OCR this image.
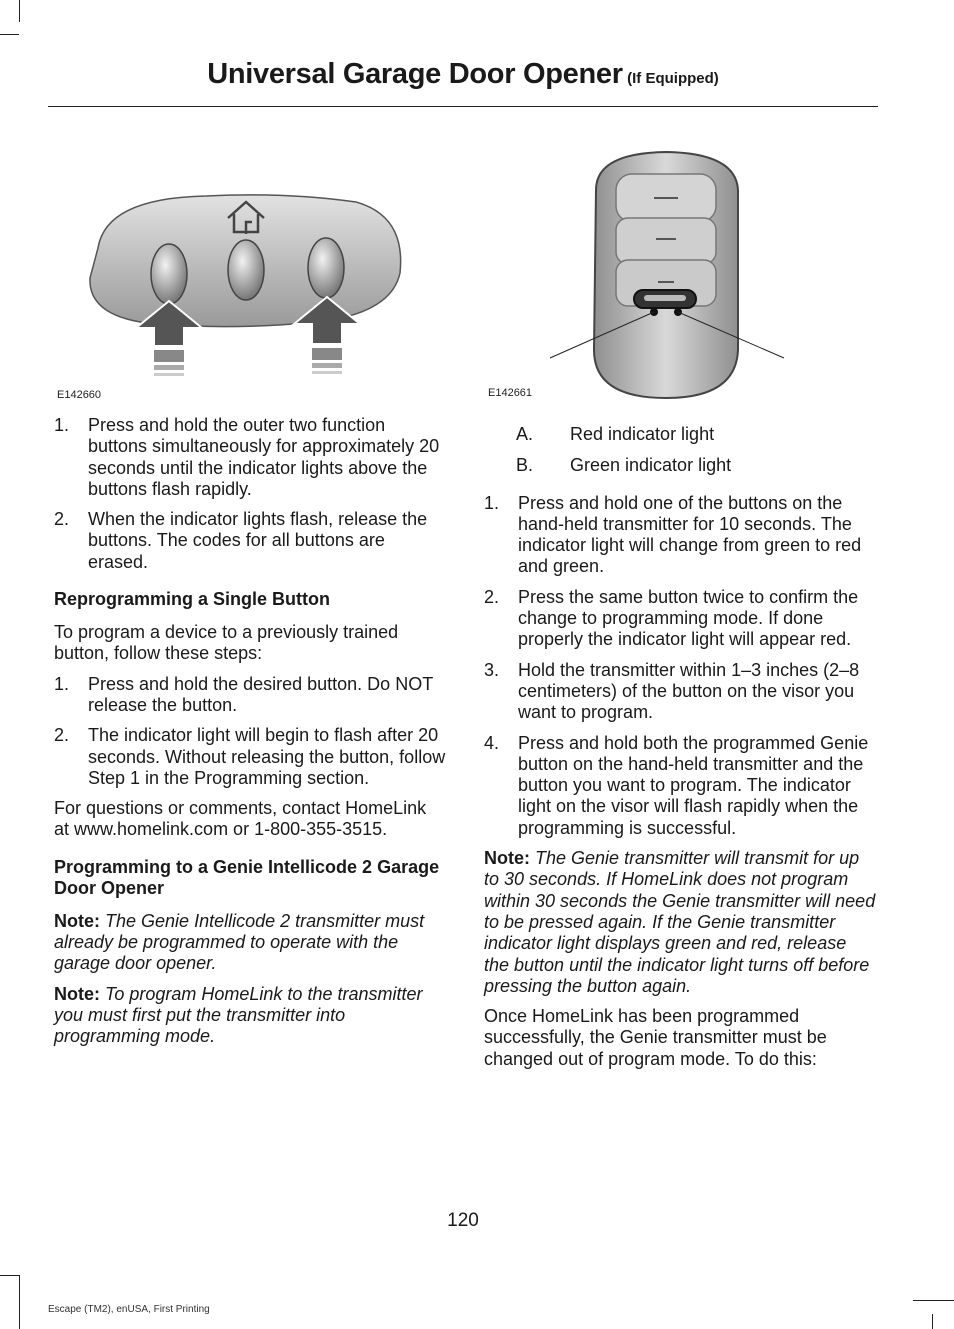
Universal Garage Door Opener (If Equipped)
E142660	E142661
1.	Press and hold the outer two function buttons simultaneously for approximately 20 seconds until the indicator lights above the buttons flash rapidly.
2.	When the indicator lights flash, release the buttons. The codes for all buttons are erased.
Reprogramming a Single Button

To program a device to a previously trained button, follow these steps:

1.	Press and hold the desired button. Do NOT release the button.
2.	The indicator light will begin to flash after 20 seconds. Without releasing the button, follow Step 1 in the Programming section.

For questions or comments, contact HomeLink at www.homelink.com or 1-800-355-3515.

Programming to a Genie Intellicode 2 Garage Door Opener

Note: The Genie Intellicode 2 transmitter must already be programmed to operate with the garage door opener.

Note: To program HomeLink to the transmitter you must first put the transmitter into programming mode.

A.	Red indicator light
B.	Green indicator light
1.	Press and hold one of the buttons on the hand-held transmitter for 10 seconds. The indicator light will change from green to red and green.
2.	Press the same button twice to confirm the change to programming mode. If done properly the indicator light will appear red.
3.	Hold the transmitter within 1–3 inches (2–8 centimeters) of the button on the visor you want to program.
4.	Press and hold both the programmed Genie button on the hand-held transmitter and the button you want to program. The indicator light on the visor will flash rapidly when the programming is successful.

Note: The Genie transmitter will transmit for up to 30 seconds. If HomeLink does not program within 30 seconds the Genie transmitter will need to be pressed again. If the Genie transmitter indicator light displays green and red, release the button until the indicator light turns off before pressing the button again.

Once HomeLink has been programmed successfully, the Genie transmitter must be changed out of program mode. To do this:

120
Escape (TM2), enUSA, First Printing
